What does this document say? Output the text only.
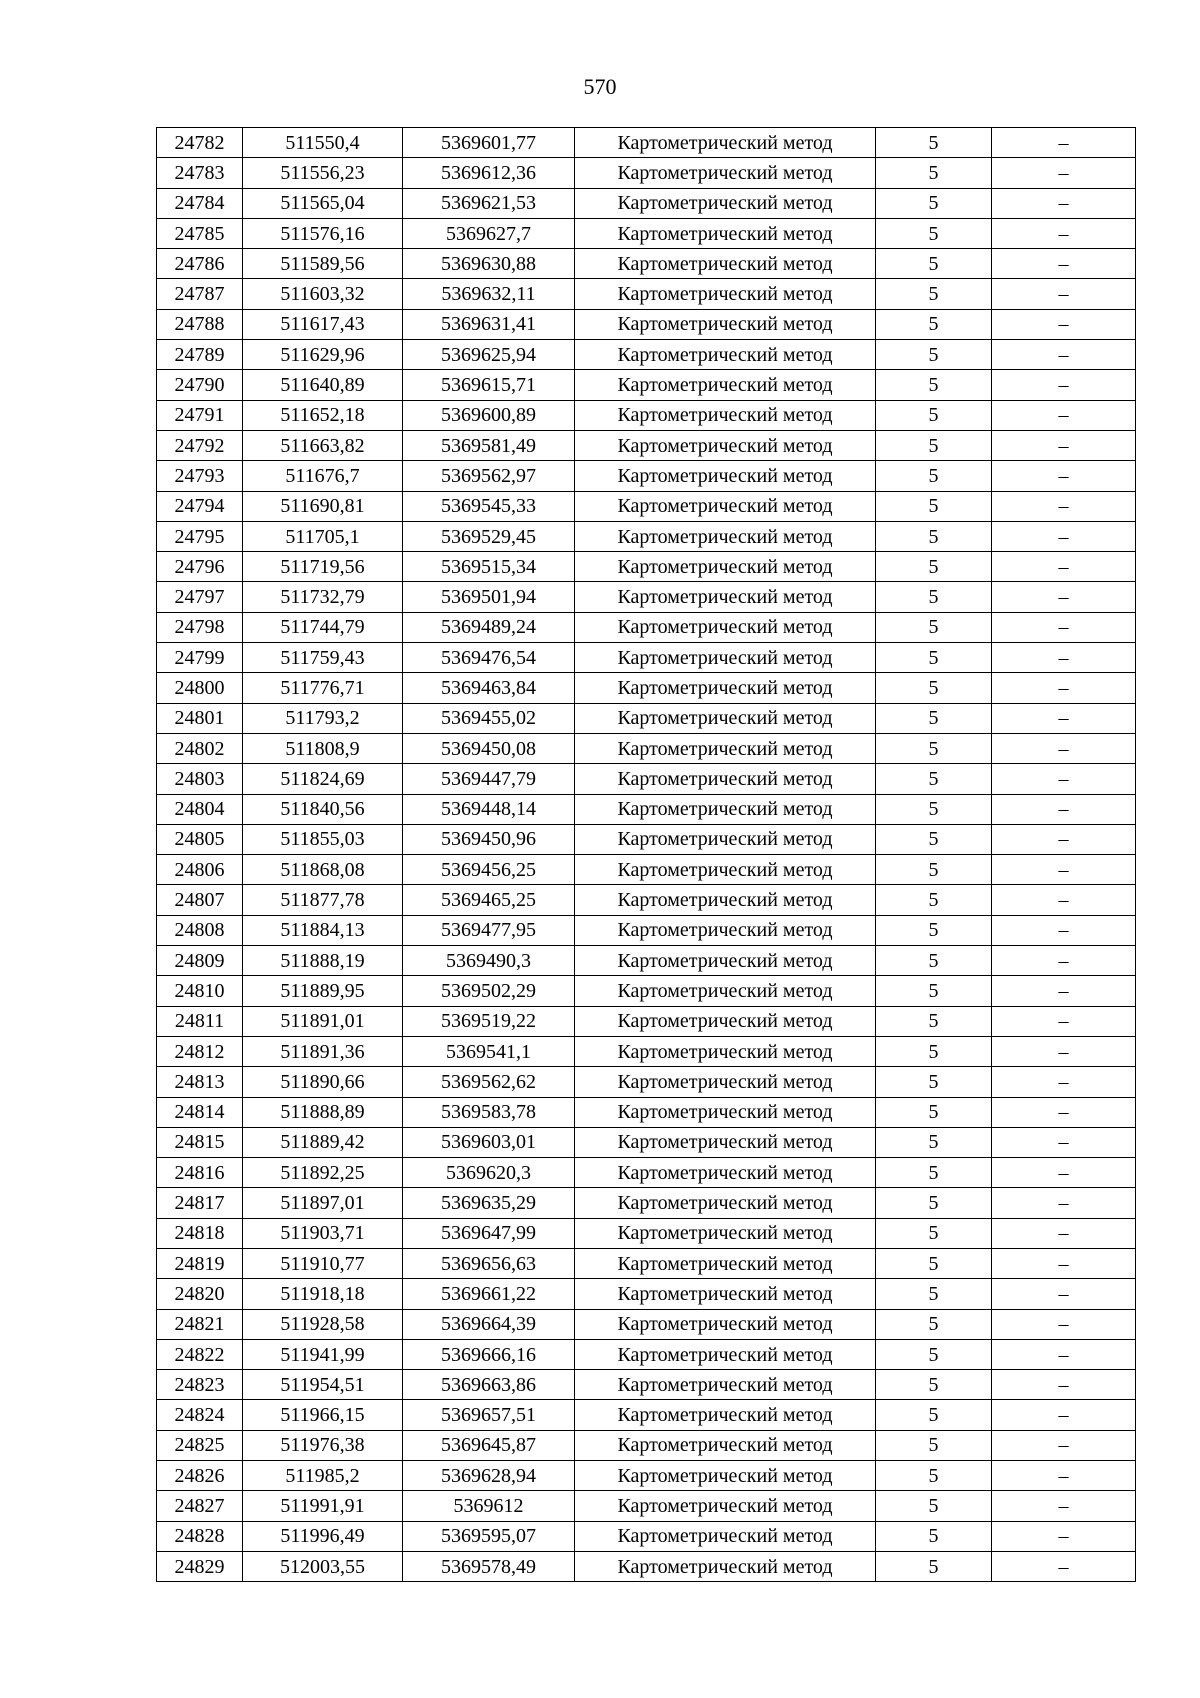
570
24782	511550,4	5369601,77	Картометрический метод	5	–
24783	511556,23	5369612,36	Картометрический метод	5	–
24784	511565,04	5369621,53	Картометрический метод	5	–
24785	511576,16	5369627,7	Картометрический метод	5	–
24786	511589,56	5369630,88	Картометрический метод	5	–
24787	511603,32	5369632,11	Картометрический метод	5	–
24788	511617,43	5369631,41	Картометрический метод	5	–
24789	511629,96	5369625,94	Картометрический метод	5	–
24790	511640,89	5369615,71	Картометрический метод	5	–
24791	511652,18	5369600,89	Картометрический метод	5	–
24792	511663,82	5369581,49	Картометрический метод	5	–
24793	511676,7	5369562,97	Картометрический метод	5	–
24794	511690,81	5369545,33	Картометрический метод	5	–
24795	511705,1	5369529,45	Картометрический метод	5	–
24796	511719,56	5369515,34	Картометрический метод	5	–
24797	511732,79	5369501,94	Картометрический метод	5	–
24798	511744,79	5369489,24	Картометрический метод	5	–
24799	511759,43	5369476,54	Картометрический метод	5	–
24800	511776,71	5369463,84	Картометрический метод	5	–
24801	511793,2	5369455,02	Картометрический метод	5	–
24802	511808,9	5369450,08	Картометрический метод	5	–
24803	511824,69	5369447,79	Картометрический метод	5	–
24804	511840,56	5369448,14	Картометрический метод	5	–
24805	511855,03	5369450,96	Картометрический метод	5	–
24806	511868,08	5369456,25	Картометрический метод	5	–
24807	511877,78	5369465,25	Картометрический метод	5	–
24808	511884,13	5369477,95	Картометрический метод	5	–
24809	511888,19	5369490,3	Картометрический метод	5	–
24810	511889,95	5369502,29	Картометрический метод	5	–
24811	511891,01	5369519,22	Картометрический метод	5	–
24812	511891,36	5369541,1	Картометрический метод	5	–
24813	511890,66	5369562,62	Картометрический метод	5	–
24814	511888,89	5369583,78	Картометрический метод	5	–
24815	511889,42	5369603,01	Картометрический метод	5	–
24816	511892,25	5369620,3	Картометрический метод	5	–
24817	511897,01	5369635,29	Картометрический метод	5	–
24818	511903,71	5369647,99	Картометрический метод	5	–
24819	511910,77	5369656,63	Картометрический метод	5	–
24820	511918,18	5369661,22	Картометрический метод	5	–
24821	511928,58	5369664,39	Картометрический метод	5	–
24822	511941,99	5369666,16	Картометрический метод	5	–
24823	511954,51	5369663,86	Картометрический метод	5	–
24824	511966,15	5369657,51	Картометрический метод	5	–
24825	511976,38	5369645,87	Картометрический метод	5	–
24826	511985,2	5369628,94	Картометрический метод	5	–
24827	511991,91	5369612	Картометрический метод	5	–
24828	511996,49	5369595,07	Картометрический метод	5	–
24829	512003,55	5369578,49	Картометрический метод	5	–
